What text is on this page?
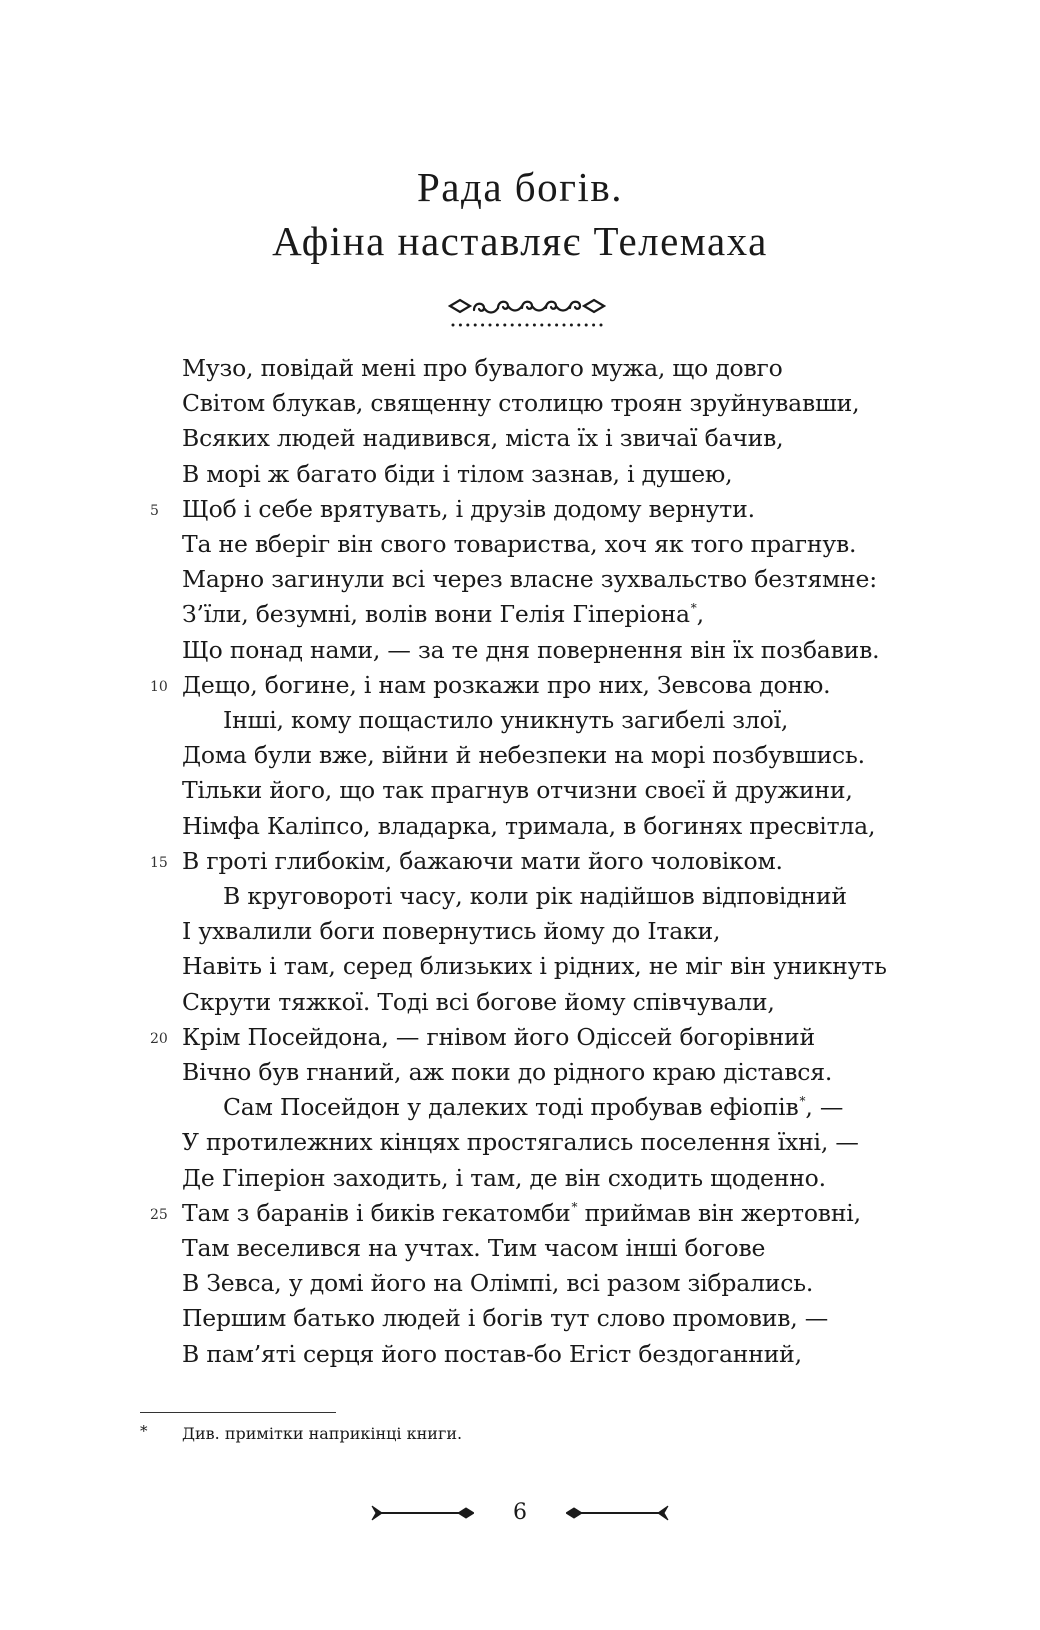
Рада богів.
Афіна наставляє Телемаха
Музо, повідай мені про бувалого мужа, що довго
Світом блукав, священну столицю троян зруйнувавши,
Всяких людей надивився, міста їх і звичаї бачив,
В морі ж багато біди і тілом зазнав, і душею,
Щоб і себе врятувать, і друзів додому вернути.
5
Та не вберіг він свого товариства, хоч як того прагнув.
Марно загинули всі через власне зухвальство безтямне:
З’їли, безумні, волів вони Гелія Гіперіона*,
Що понад нами, — за те дня повернення він їх позбавив.
Дещо, богине, і нам розкажи про них, Зевсова доню.
10
Інші, кому пощастило уникнуть загибелі злої,
Дома були вже, війни й небезпеки на морі позбувшись.
Тільки його, що так прагнув отчизни своєї й дружини,
Німфа Каліпсо, владарка, тримала, в богинях пресвітла,
В гроті глибокім, бажаючи мати його чоловіком.
15
В круговороті часу, коли рік надійшов відповідний
І ухвалили боги повернутись йому до Ітаки,
Навіть і там, серед близьких і рідних, не міг він уникнуть
Скрути тяжкої. Тоді всі богове йому співчували,
Крім Посейдона, — гнівом його Одіссей богорівний
20
Вічно був гнаний, аж поки до рідного краю дістався.
Сам Посейдон у далеких тоді пробував ефіопів*, —
У протилежних кінцях простягались поселення їхні, —
Де Гіперіон заходить, і там, де він сходить щоденно.
Там з баранів і биків гекатомби* приймав він жертовні,
25
Там веселився на учтах. Тим часом інші богове
В Зевса, у домі його на Олімпі, всі разом зібрались.
Першим батько людей і богів тут слово промовив, —
В пам’яті серця його постав-бо Егіст бездоганний,
* Див. примітки наприкінці книги.
6
